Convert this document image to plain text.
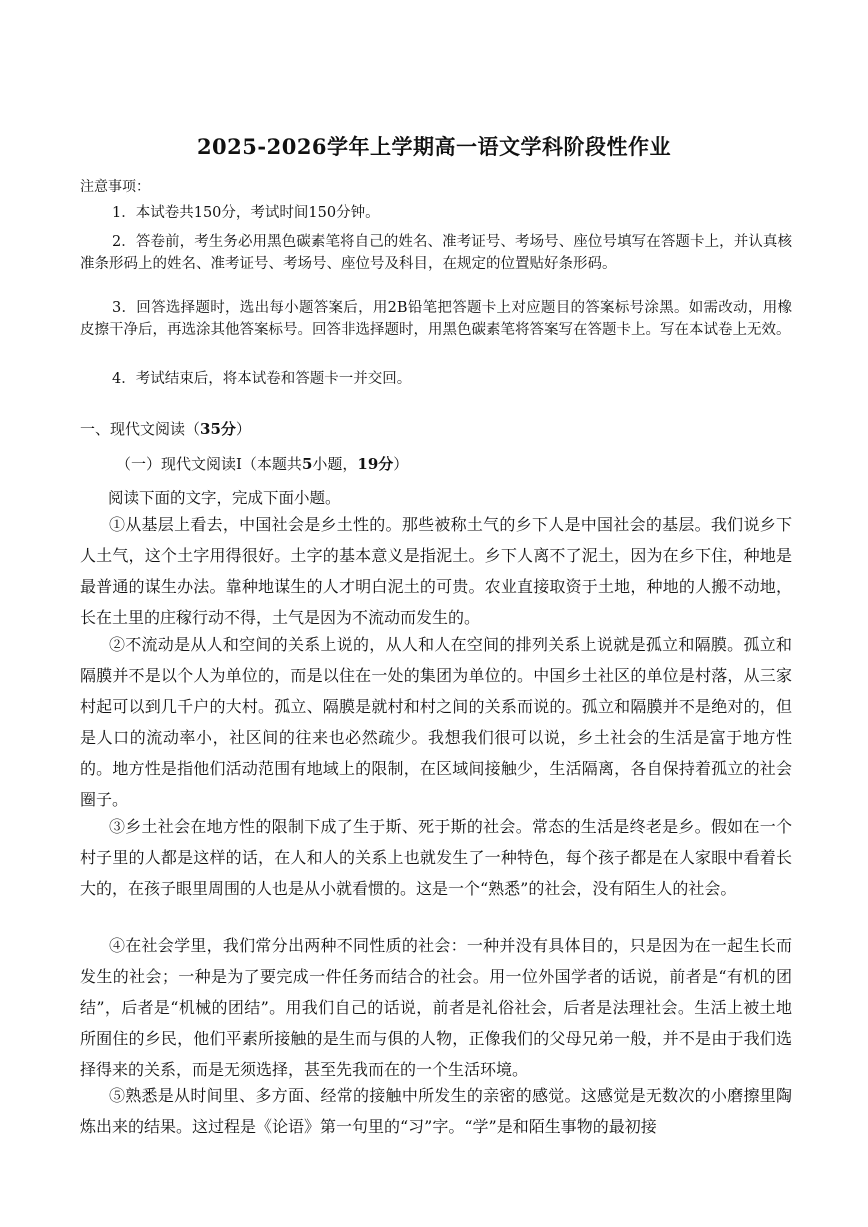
2025-2026学年上学期高一语文学科阶段性作业
注意事项：
1．本试卷共150分，考试时间150分钟。
2．答卷前，考生务必用黑色碳素笔将自己的姓名、准考证号、考场号、座位号填写在答题卡上，并认真核准条形码上的姓名、准考证号、考场号、座位号及科目，在规定的位置贴好条形码。
3．回答选择题时，选出每小题答案后，用2B铅笔把答题卡上对应题目的答案标号涂黑。如需改动，用橡皮擦干净后，再选涂其他答案标号。回答非选择题时，用黑色碳素笔将答案写在答题卡上。写在本试卷上无效。
4．考试结束后，将本试卷和答题卡一并交回。
一、现代文阅读（35分）
（一）现代文阅读Ⅰ（本题共5小题，19分）
阅读下面的文字，完成下面小题。
①从基层上看去，中国社会是乡土性的。那些被称土气的乡下人是中国社会的基层。我们说乡下人土气，这个土字用得很好。土字的基本意义是指泥土。乡下人离不了泥土，因为在乡下住，种地是最普通的谋生办法。靠种地谋生的人才明白泥土的可贵。农业直接取资于土地，种地的人搬不动地，长在土里的庄稼行动不得，土气是因为不流动而发生的。
②不流动是从人和空间的关系上说的，从人和人在空间的排列关系上说就是孤立和隔膜。孤立和隔膜并不是以个人为单位的，而是以住在一处的集团为单位的。中国乡土社区的单位是村落，从三家村起可以到几千户的大村。孤立、隔膜是就村和村之间的关系而说的。孤立和隔膜并不是绝对的，但是人口的流动率小，社区间的往来也必然疏少。我想我们很可以说，乡土社会的生活是富于地方性的。地方性是指他们活动范围有地域上的限制，在区域间接触少，生活隔离，各自保持着孤立的社会圈子。
③乡土社会在地方性的限制下成了生于斯、死于斯的社会。常态的生活是终老是乡。假如在一个村子里的人都是这样的话，在人和人的关系上也就发生了一种特色，每个孩子都是在人家眼中看着长大的，在孩子眼里周围的人也是从小就看惯的。这是一个“熟悉”的社会，没有陌生人的社会。
④在社会学里，我们常分出两种不同性质的社会：一种并没有具体目的，只是因为在一起生长而发生的社会；一种是为了要完成一件任务而结合的社会。用一位外国学者的话说，前者是“有机的团结”，后者是“机械的团结”。用我们自己的话说，前者是礼俗社会，后者是法理社会。生活上被土地所囿住的乡民，他们平素所接触的是生而与俱的人物，正像我们的父母兄弟一般，并不是由于我们选择得来的关系，而是无须选择，甚至先我而在的一个生活环境。
⑤熟悉是从时间里、多方面、经常的接触中所发生的亲密的感觉。这感觉是无数次的小磨擦里陶炼出来的结果。这过程是《论语》第一句里的“习”字。“学”是和陌生事物的最初接
